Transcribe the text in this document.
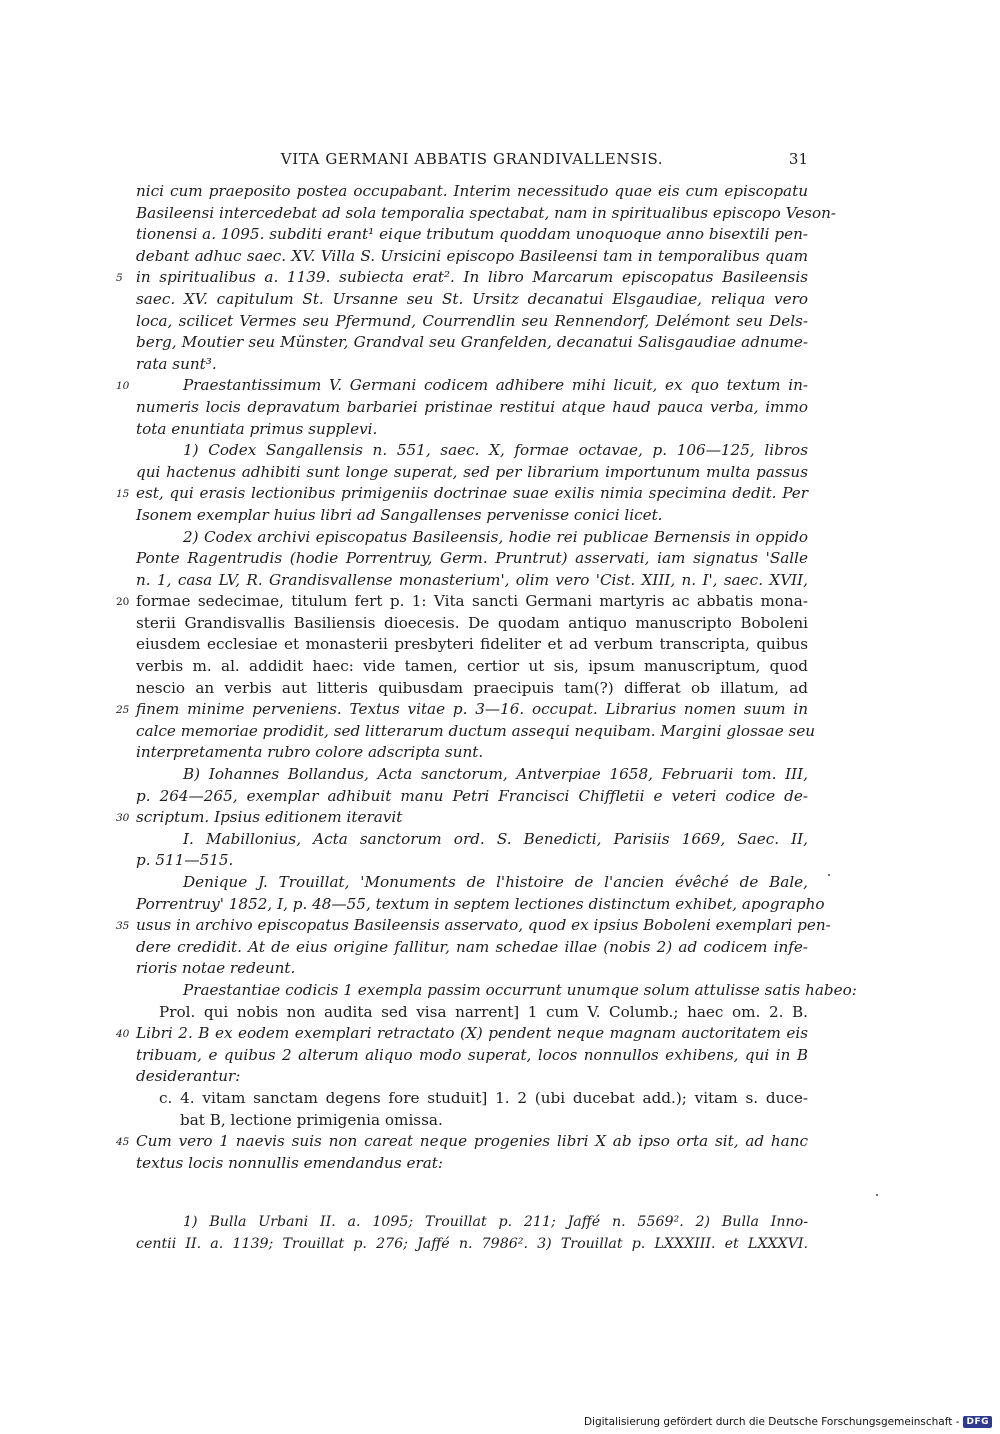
VITA GERMANI ABBATIS GRANDIVALLENSIS.	31
nici cum praeposito postea occupabant. Interim necessitudo quae eis cum episcopatu
Basileensi intercedebat ad sola temporalia spectabat, nam in spiritualibus episcopo Veson-
tionensi a. 1095. subditi erant¹ eique tributum quoddam unoquoque anno bisextili pen-
debant adhuc saec. XV. Villa S. Ursicini episcopo Basileensi tam in temporalibus quam
5 in spiritualibus a. 1139. subiecta erat². In libro Marcarum episcopatus Basileensis
saec. XV. capitulum St. Ursanne seu St. Ursitz decanatui Elsgaudiae, reliqua vero
loca, scilicet Vermes seu Pfermund, Courrendlin seu Rennendorf, Delémont seu Dels-
berg, Moutier seu Münster, Grandval seu Granfelden, decanatui Salisgaudiae adnume-
rata sunt³.
10	Praestantissimum V. Germani codicem adhibere mihi licuit, ex quo textum in-
numeris locis depravatum barbariei pristinae restitui atque haud pauca verba, immo
tota enuntiata primus supplevi.
1) Codex Sangallensis n. 551, saec. X, formae octavae, p. 106—125, libros
qui hactenus adhibiti sunt longe superat, sed per librarium importunum multa passus
15 est, qui erasis lectionibus primigeniis doctrinae suae exilis nimia specimina dedit. Per
Isonem exemplar huius libri ad Sangallenses pervenisse conici licet.
2) Codex archivi episcopatus Basileensis, hodie rei publicae Bernensis in oppido
Ponte Ragentrudis (hodie Porrentruy, Germ. Pruntrut) asservati, iam signatus 'Salle
n. 1, casa LV, R. Grandisvallense monasterium', olim vero 'Cist. XIII, n. I', saec. XVII,
20 formae sedecimae, titulum fert p. 1: Vita sancti Germani martyris ac abbatis mona-
sterii Grandisvallis Basiliensis dioecesis. De quodam antiquo manuscripto Boboleni
eiusdem ecclesiae et monasterii presbyteri fideliter et ad verbum transcripta, quibus
verbis m. al. addidit haec: vide tamen, certior ut sis, ipsum manuscriptum, quod
nescio an verbis aut litteris quibusdam praecipuis tam(?) differat ob illatum, ad
25 finem minime perveniens. Textus vitae p. 3—16. occupat. Librarius nomen suum in
calce memoriae prodidit, sed litterarum ductum assequi nequibam. Margini glossae seu
interpretamenta rubro colore adscripta sunt.
B) Iohannes Bollandus, Acta sanctorum, Antverpiae 1658, Februarii tom. III,
p. 264—265, exemplar adhibuit manu Petri Francisci Chiffletii e veteri codice de-
30 scriptum. Ipsius editionem iteravit
I. Mabillonius, Acta sanctorum ord. S. Benedicti, Parisiis 1669, Saec. II,
p. 511—515.
Denique J. Trouillat, 'Monuments de l'histoire de l'ancien évêché de Bale,
Porrentruy' 1852, I, p. 48—55, textum in septem lectiones distinctum exhibet, apographo
35 usus in archivo episcopatus Basileensis asservato, quod ex ipsius Boboleni exemplari pen-
dere credidit. At de eius origine fallitur, nam schedae illae (nobis 2) ad codicem infe-
rioris notae redeunt.
Praestantiae codicis 1 exempla passim occurrunt unumque solum attulisse satis habeo:
Prol. qui nobis non audita sed visa narrent] 1 cum V. Columb.; haec om. 2. B.
40 Libri 2. B ex eodem exemplari retractato (X) pendent neque magnam auctoritatem eis
tribuam, e quibus 2 alterum aliquo modo superat, locos nonnullos exhibens, qui in B
desiderantur:
c. 4. vitam sanctam degens fore studuit] 1. 2 (ubi ducebat add.); vitam s. duce-
bat B, lectione primigenia omissa.
45 Cum vero 1 naevis suis non careat neque progenies libri X ab ipso orta sit, ad hanc
textus locis nonnullis emendandus erat:
1) Bulla Urbani II. a. 1095; Trouillat p. 211; Jaffé n. 5569². 2) Bulla Inno-
centii II. a. 1139; Trouillat p. 276; Jaffé n. 7986². 3) Trouillat p. LXXXIII. et LXXXVI.
Digitalisierung gefördert durch die Deutsche Forschungsgemeinschaft - DFG
